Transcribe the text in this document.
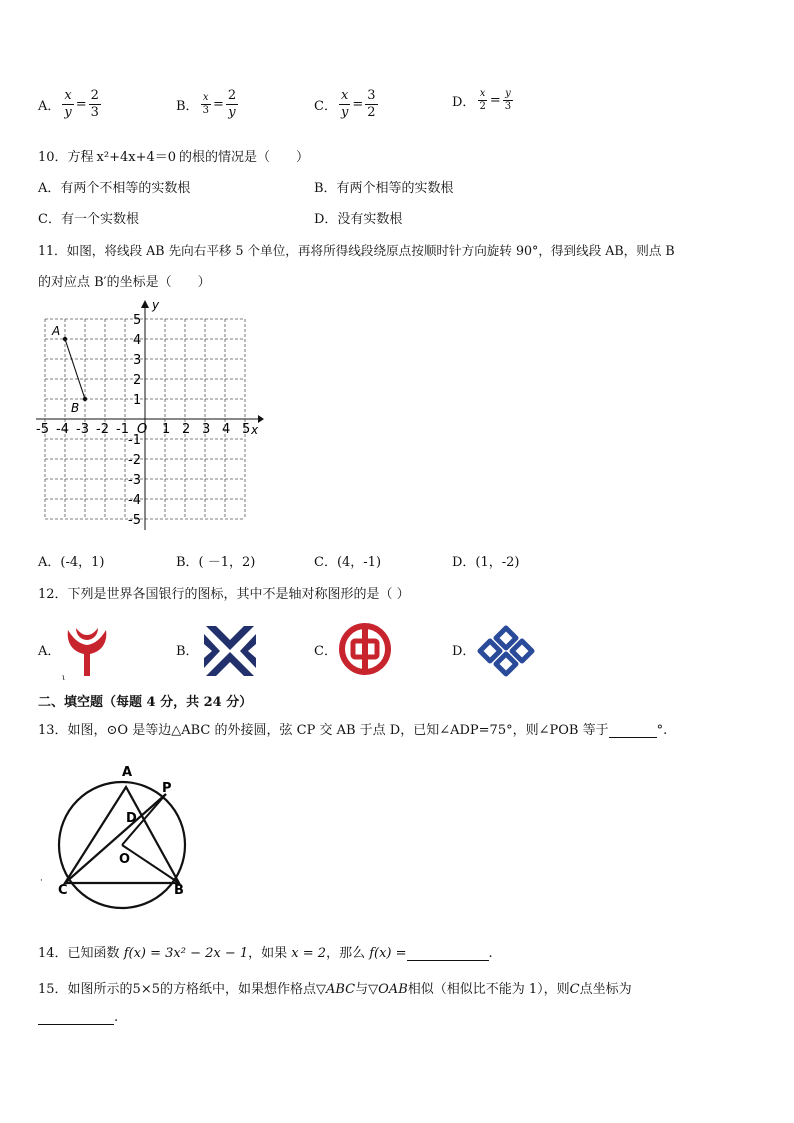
A． $\frac{x}{y} = \frac{2}{3}$	B． $\frac{x}{3} = \frac{2}{y}$	C． $\frac{x}{y} = \frac{3}{2}$	D． $\frac{x}{2} = \frac{y}{3}$
10．方程 x²+4x+4＝0 的根的情况是（　　）
A．有两个不相等的实数根	B．有两个相等的实数根
C．有一个实数根	D．没有实数根
11．如图，将线段 AB 先向右平移 5 个单位，再将所得线段绕原点按顺时针方向旋转 90°，得到线段 AB，则点 B
的对应点 B′的坐标是（　　）
y
x
-5 -4 -3 -2 -1 O 1 2 3 4 5
5
4
3
2
1
-1
-2
-3
-4
-5
A
B
A．(-4，1)	B．( －1，2)	C．(4，-1)	D．(1，-2)
12．下列是世界各国银行的图标，其中不是轴对称图形的是（ ）
A．	B．	C．	D．
ι
二、填空题（每题 4 分，共 24 分）
13．如图，⊙O 是等边△ABC 的外接圆，弦 CP 交 AB 于点 D，已知∠ADP=75°，则∠POB 等于	°.
A
P
D
O
C	B
·
14．已知函数 f(x) = 3x² − 2x − 1，如果 x = 2，那么 f(x) =	.
15．如图所示的5×5的方格纸中，如果想作格点▽ABC与▽OAB相似（相似比不能为 1），则C点坐标为
.
